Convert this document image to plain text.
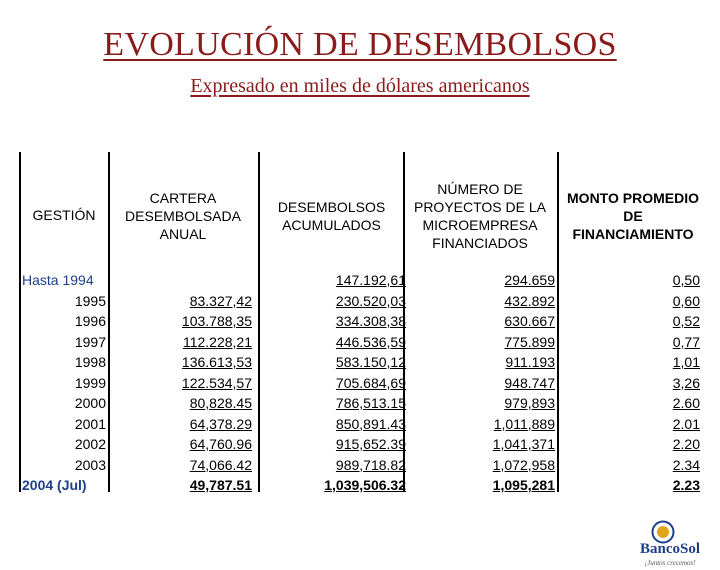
EVOLUCIÓN DE DESEMBOLSOS
Expresado en miles de dólares americanos
GESTIÓN
CARTERA
DESEMBOLSADA
ANUAL
DESEMBOLSOS
ACUMULADOS
NÚMERO DE
PROYECTOS DE LA
MICROEMPRESA
FINANCIADOS
MONTO PROMEDIO
DE
FINANCIAMIENTO
Hasta 1994
1995
1996
1997
1998
1999
2000
2001
2002
2003
2004 (Jul)
83.327,42
103.788,35
112.228,21
136.613,53
122.534,57
80,828.45
64,378.29
64,760.96
74,066.42
49,787.51
147.192,61
230.520,03
334.308,38
446.536,59
583.150,12
705.684,69
786,513.15
850,891.43
915,652.39
989,718.82
1,039,506.32
294.659
432.892
630.667
775.899
911.193
948.747
979,893
1,011,889
1,041,371
1,072,958
1,095,281
0,50
0,60
0,52
0,77
1,01
3,26
2.60
2.01
2.20
2.34
2.23
BancoSol
¡Juntos crecemos!
